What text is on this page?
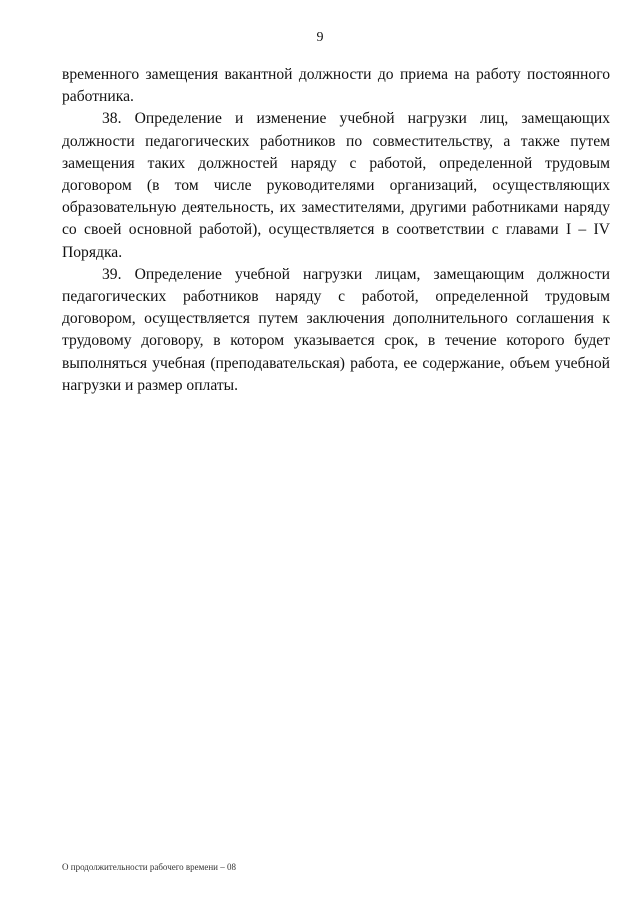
9

временного замещения вакантной должности до приема на работу постоянного работника.

38. Определение и изменение учебной нагрузки лиц, замещающих должности педагогических работников по совместительству, а также путем замещения таких должностей наряду с работой, определенной трудовым договором (в том числе руководителями организаций, осуществляющих образовательную деятельность, их заместителями, другими работниками наряду со своей основной работой), осуществляется в соответствии с главами I – IV Порядка.

39. Определение учебной нагрузки лицам, замещающим должности педагогических работников наряду с работой, определенной трудовым договором, осуществляется путем заключения дополнительного соглашения к трудовому договору, в котором указывается срок, в течение которого будет выполняться учебная (преподавательская) работа, ее содержание, объем учебной нагрузки и размер оплаты.

О продолжительности рабочего времени – 08
